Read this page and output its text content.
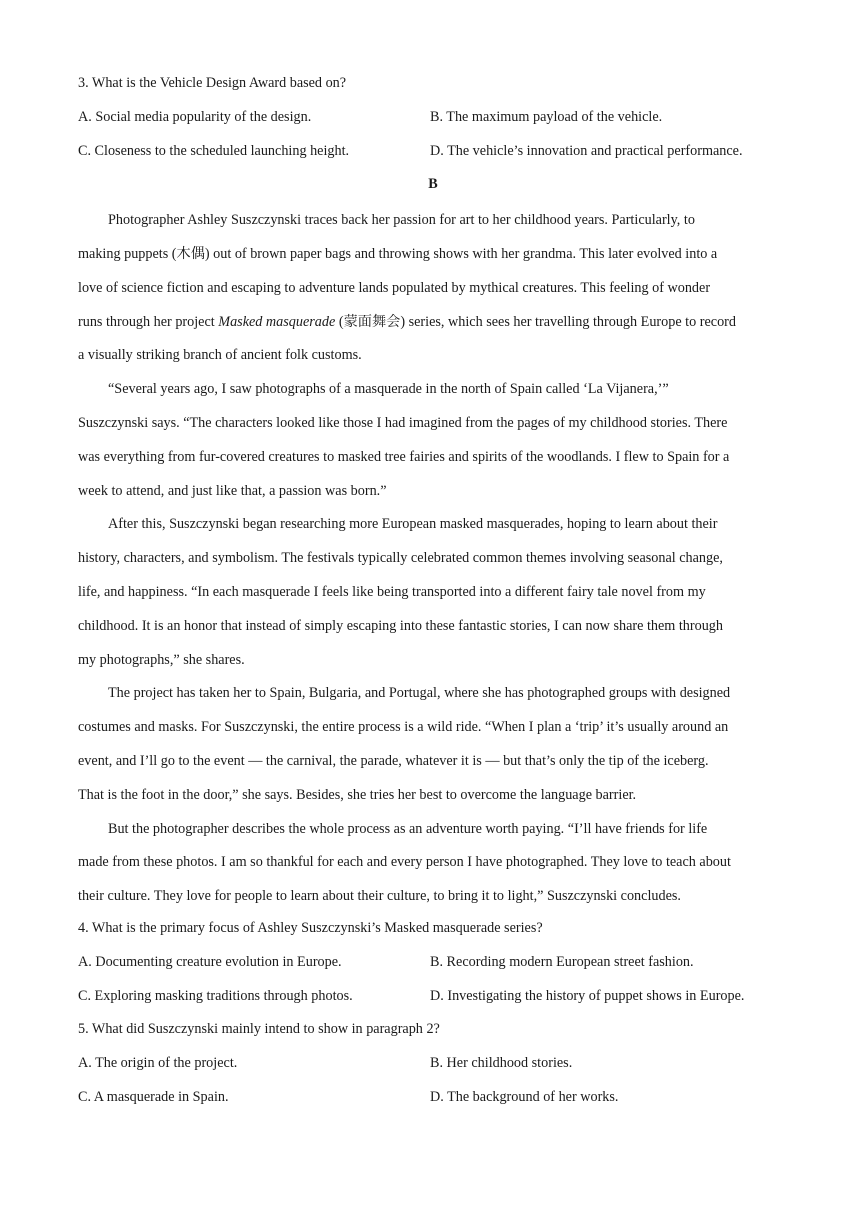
3. What is the Vehicle Design Award based on?
A. Social media popularity of the design.	B. The maximum payload of the vehicle.
C. Closeness to the scheduled launching height.	D. The vehicle’s innovation and practical performance.
B
Photographer Ashley Suszczynski traces back her passion for art to her childhood years. Particularly, to
making puppets (木偶) out of brown paper bags and throwing shows with her grandma. This later evolved into a
love of science fiction and escaping to adventure lands populated by mythical creatures. This feeling of wonder
runs through her project Masked masquerade (蒙面舞会) series, which sees her travelling through Europe to record
a visually striking branch of ancient folk customs.
“Several years ago, I saw photographs of a masquerade in the north of Spain called ‘La Vijanera,’”
Suszczynski says. “The characters looked like those I had imagined from the pages of my childhood stories. There
was everything from fur-covered creatures to masked tree fairies and spirits of the woodlands. I flew to Spain for a
week to attend, and just like that, a passion was born.”
After this, Suszczynski began researching more European masked masquerades, hoping to learn about their
history, characters, and symbolism. The festivals typically celebrated common themes involving seasonal change,
life, and happiness. “In each masquerade I feels like being transported into a different fairy tale novel from my
childhood. It is an honor that instead of simply escaping into these fantastic stories, I can now share them through
my photographs,” she shares.
The project has taken her to Spain, Bulgaria, and Portugal, where she has photographed groups with designed
costumes and masks. For Suszczynski, the entire process is a wild ride. “When I plan a ‘trip’ it’s usually around an
event, and I’ll go to the event — the carnival, the parade, whatever it is — but that’s only the tip of the iceberg.
That is the foot in the door,” she says. Besides, she tries her best to overcome the language barrier.
But the photographer describes the whole process as an adventure worth paying. “I’ll have friends for life
made from these photos. I am so thankful for each and every person I have photographed. They love to teach about
their culture. They love for people to learn about their culture, to bring it to light,” Suszczynski concludes.
4. What is the primary focus of Ashley Suszczynski’s Masked masquerade series?
A. Documenting creature evolution in Europe.	B. Recording modern European street fashion.
C. Exploring masking traditions through photos.	D. Investigating the history of puppet shows in Europe.
5. What did Suszczynski mainly intend to show in paragraph 2?
A. The origin of the project.	B. Her childhood stories.
C. A masquerade in Spain.	D. The background of her works.
